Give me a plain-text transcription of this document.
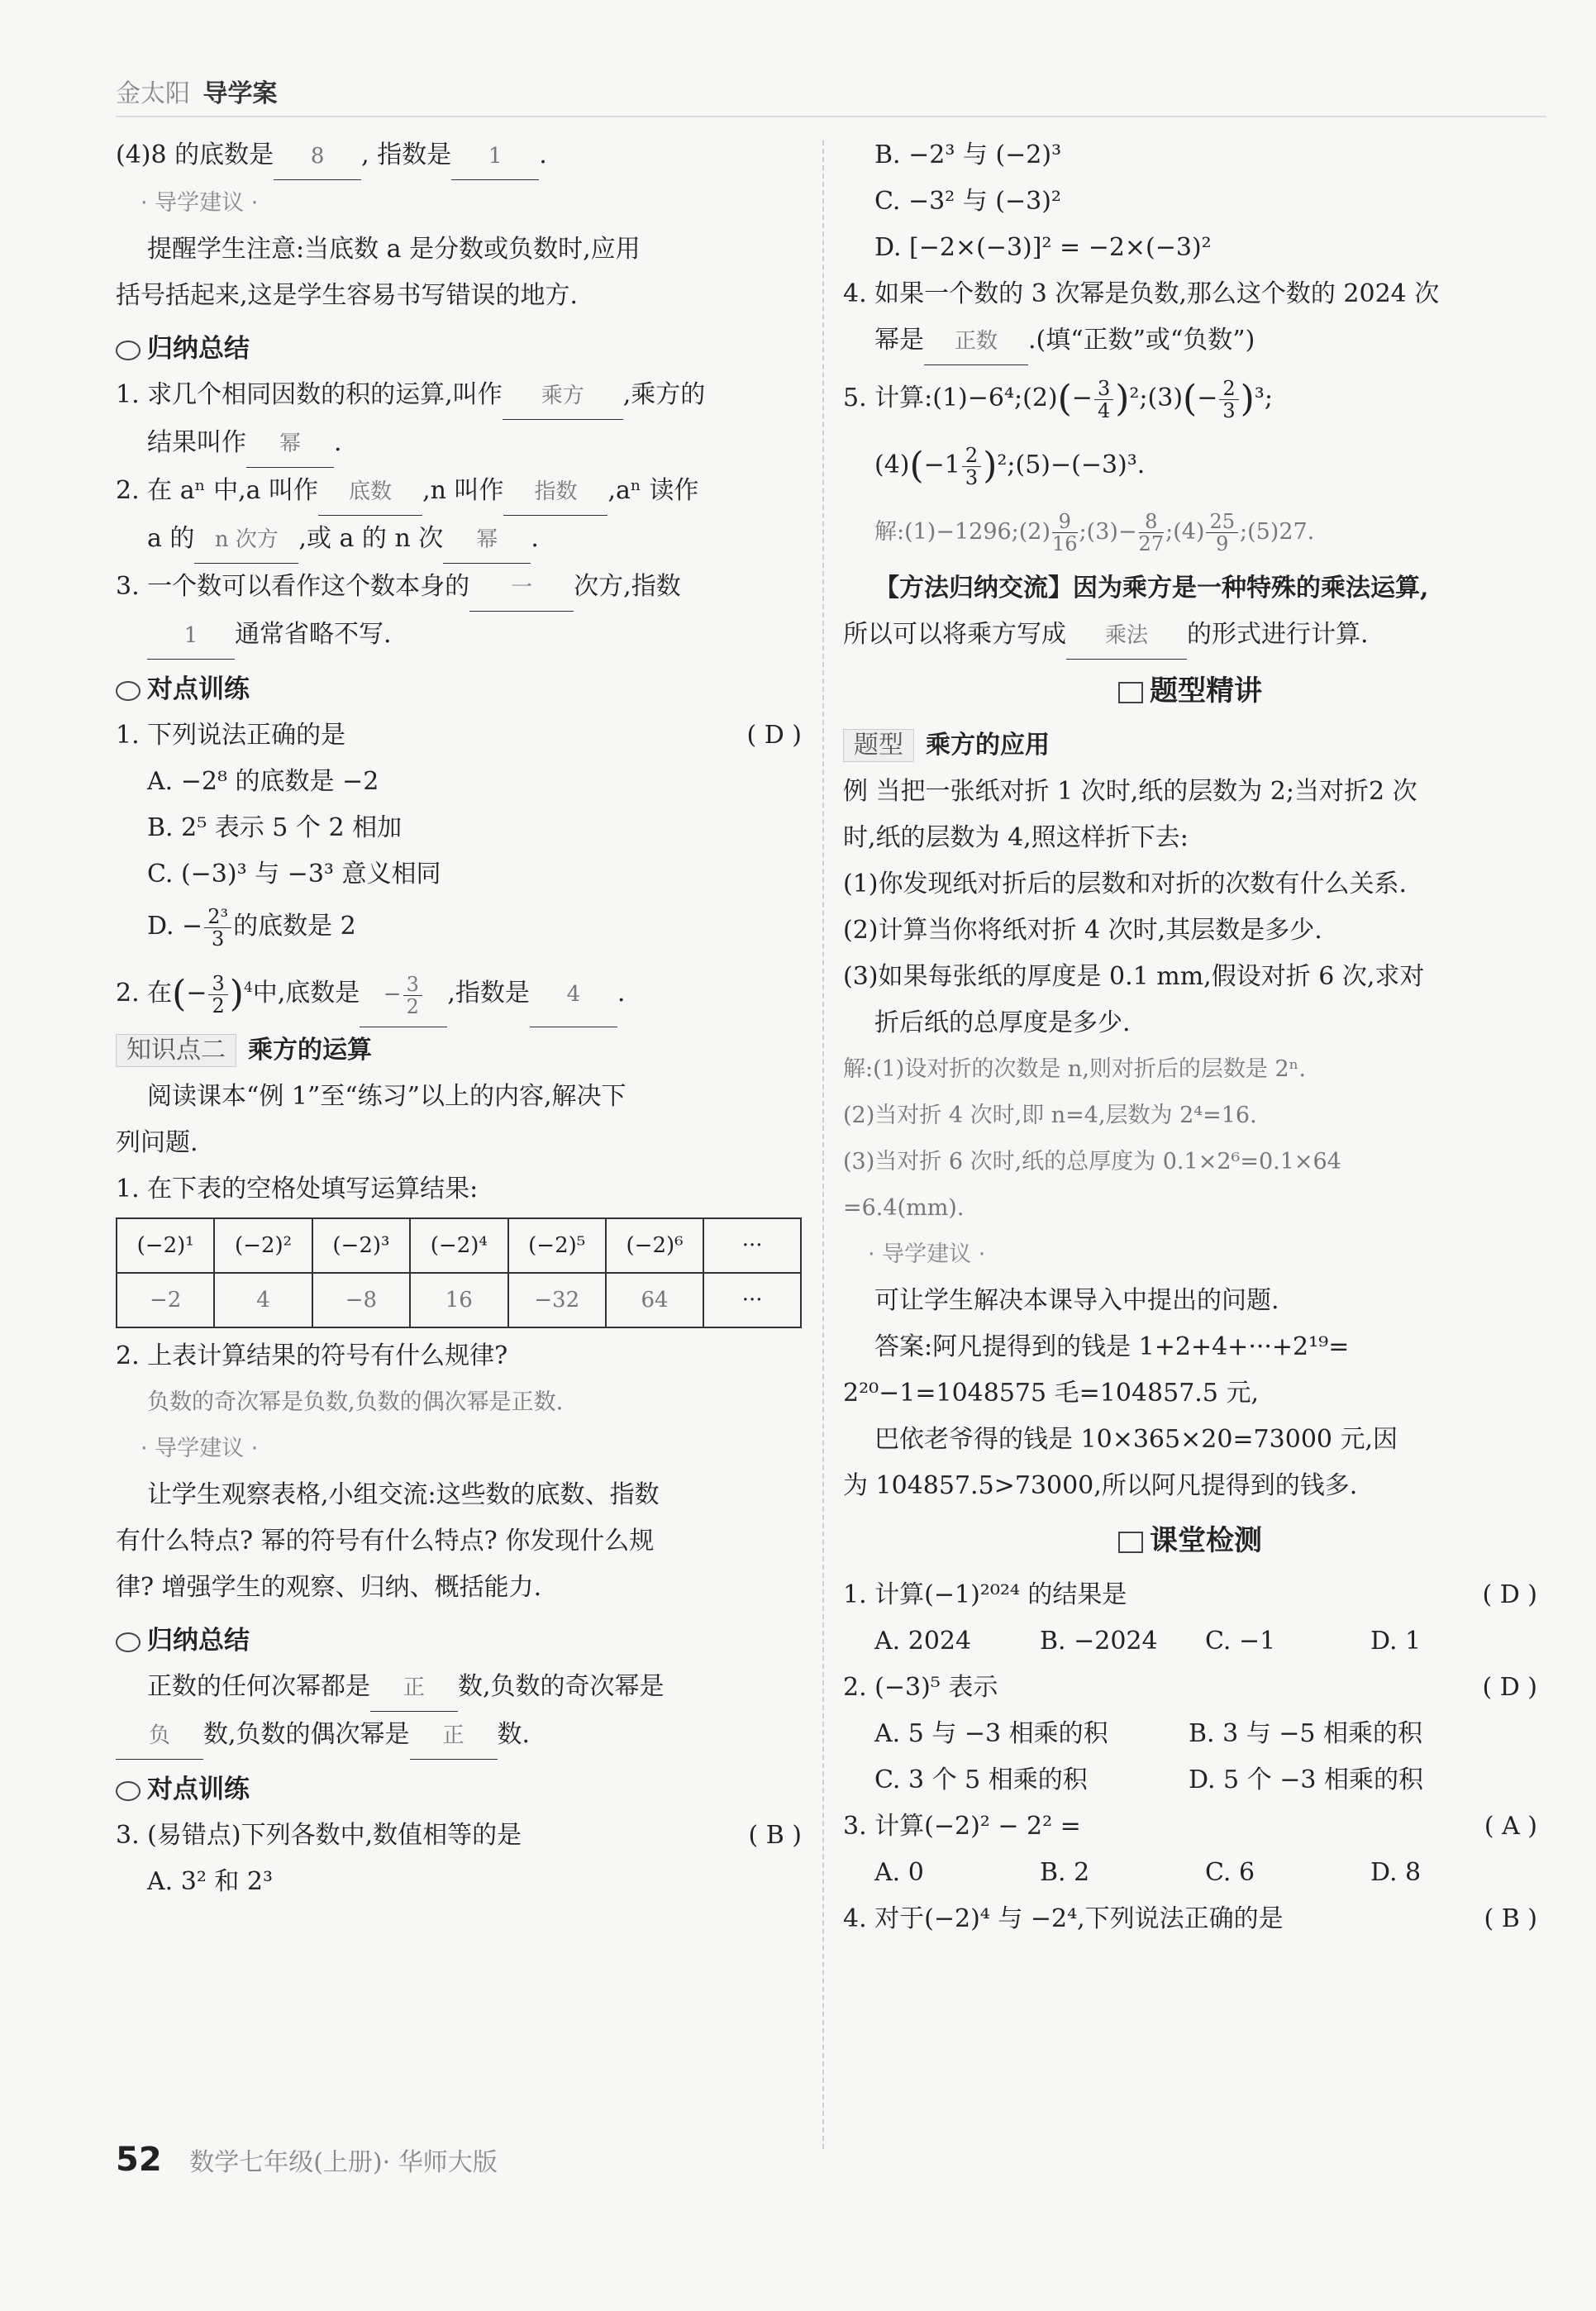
金太阳 导学案
(4)8 的底数是 8 , 指数是 1 .
· 导学建议 ·
提醒学生注意:当底数 a 是分数或负数时,应用
括号括起来,这是学生容易书写错误的地方.
归纳总结
1. 求几个相同因数的积的运算,叫作 乘方 ,乘方的
结果叫作 幂 .
2. 在 aⁿ 中,a 叫作 底数 ,n 叫作 指数 ,aⁿ 读作
a 的 n 次方 ,或 a 的 n 次 幂 .
3. 一个数可以看作这个数本身的 一 次方,指数
1 通常省略不写.
对点训练
1. 下列说法正确的是	( D )
A. −2⁸ 的底数是 −2
B. 2⁵ 表示 5 个 2 相加
C. (−3)³ 与 −3³ 意义相同
D. − $\frac{\text{2³}}{3}$ 的底数是 2
2. 在(− $\frac{3}{2} )^4$中,底数是 − $\frac{3}{2}$ ,指数是 4 .
知识点二 乘方的运算
阅读课本“例 1”至“练习”以上的内容,解决下
列问题.
1. 在下表的空格处填写运算结果:
(−2)¹	(−2)²	(−2)³	(−2)⁴	(−2)⁵	(−2)⁶	···
−2	4	−8	16	−32	64	···
2. 上表计算结果的符号有什么规律?
负数的奇次幂是负数,负数的偶次幂是正数.
· 导学建议 ·
让学生观察表格,小组交流:这些数的底数、指数
有什么特点? 幂的符号有什么特点? 你发现什么规
律? 增强学生的观察、归纳、概括能力.
归纳总结
正数的任何次幂都是 正 数,负数的奇次幂是
负 数,负数的偶次幂是 正 数.
对点训练
3. (易错点)下列各数中,数值相等的是	( B )
A. 3² 和 2³
B. −2³ 与 (−2)³
C. −3² 与 (−3)²
D. [−2×(−3)]² = −2×(−3)²
4. 如果一个数的 3 次幂是负数,那么这个数的 2024 次
幂是 正数 .(填“正数”或“负数”)
5. 计算:(1)−6⁴;(2)(− $\frac{3}{4}$ )²;(3)(− $\frac{2}{3} )^3$;
$(4)(-1 \frac{2}{3}$ )²;(5)−(−3)³.
解:(1)−1296;(2) $\frac{9}{16}$ ;(3)− $\frac{8}{27}$ ;(4) $\frac{25}{9}$ ;(5)27.
【方法归纳交流】因为乘方是一种特殊的乘法运算,
所以可以将乘方写成 乘法 的形式进行计算.
题型精讲
题型 乘方的应用
例 当把一张纸对折 1 次时,纸的层数为 2;当对折2 次
时,纸的层数为 4,照这样折下去:
(1)你发现纸对折后的层数和对折的次数有什么关系.
(2)计算当你将纸对折 4 次时,其层数是多少.
(3)如果每张纸的厚度是 0.1 mm,假设对折 6 次,求对
折后纸的总厚度是多少.
解:(1)设对折的次数是 n,则对折后的层数是 2ⁿ.
(2)当对折 4 次时,即 n=4,层数为 2⁴=16.
(3)当对折 6 次时,纸的总厚度为 0.1×2⁶=0.1×64
=6.4(mm).
· 导学建议 ·
可让学生解决本课导入中提出的问题.
答案:阿凡提得到的钱是 1+2+4+···+2¹⁹=
2²⁰−1=1048575 毛=104857.5 元,
巴依老爷得的钱是 10×365×20=73000 元,因
为 104857.5>73000,所以阿凡提得到的钱多.
课堂检测
1. 计算(−1)²⁰²⁴ 的结果是	( D )
A. 2024	B. −2024 C. −1	D. 1
2. (−3)⁵ 表示	( D )
A. 5 与 −3 相乘的积	B. 3 与 −5 相乘的积
C. 3 个 5 相乘的积	D. 5 个 −3 相乘的积
3. 计算(−2)² − 2² =	( A )
A. 0	B. 2	C. 6	D. 8
4. 对于(−2)⁴ 与 −2⁴,下列说法正确的是	( B )
52 数学七年级(上册)· 华师大版
